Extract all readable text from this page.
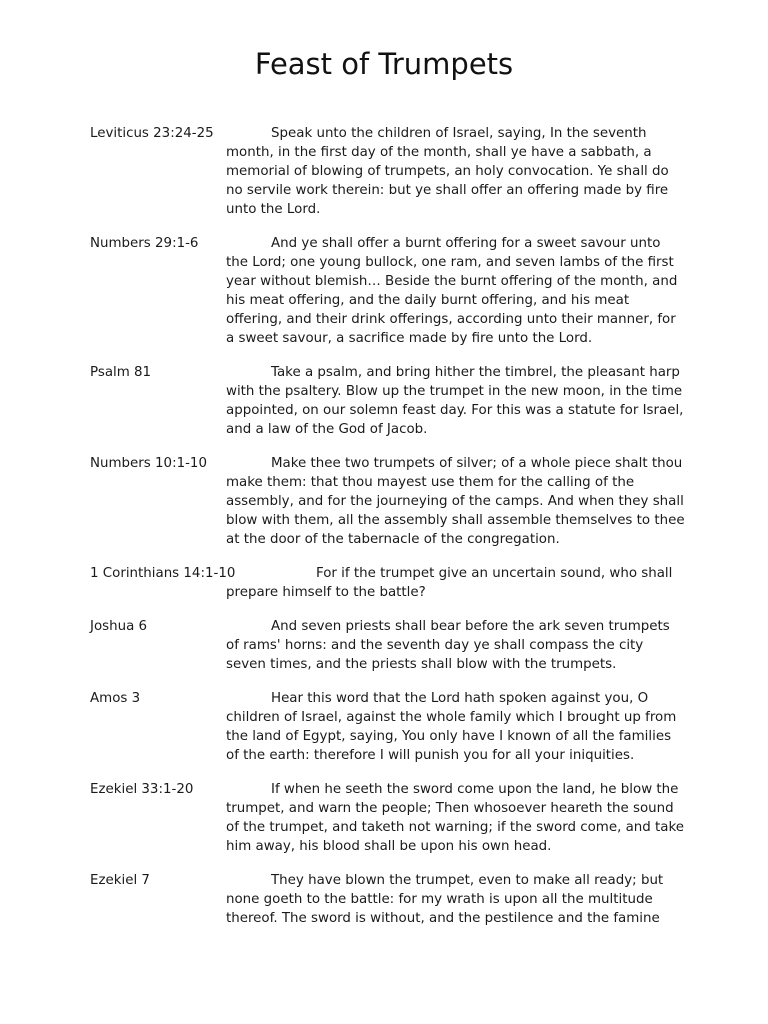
Feast of Trumpets
Leviticus 23:24-25	Speak unto the children of Israel, saying, In the seventh month, in the first day of the month, shall ye have a sabbath, a memorial of blowing of trumpets, an holy convocation. Ye shall do no servile work therein: but ye shall offer an offering made by fire unto the Lord.
Numbers 29:1-6	And ye shall offer a burnt offering for a sweet savour unto the Lord; one young bullock, one ram, and seven lambs of the first year without blemish… Beside the burnt offering of the month, and his meat offering, and the daily burnt offering, and his meat offering, and their drink offerings, according unto their manner, for a sweet savour, a sacrifice made by fire unto the Lord.
Psalm 81	Take a psalm, and bring hither the timbrel, the pleasant harp with the psaltery. Blow up the trumpet in the new moon, in the time appointed, on our solemn feast day. For this was a statute for Israel, and a law of the God of Jacob.
Numbers 10:1-10	Make thee two trumpets of silver; of a whole piece shalt thou make them: that thou mayest use them for the calling of the assembly, and for the journeying of the camps. And when they shall blow with them, all the assembly shall assemble themselves to thee at the door of the tabernacle of the congregation.
1 Corinthians 14:1-10	For if the trumpet give an uncertain sound, who shall prepare himself to the battle?
Joshua 6	And seven priests shall bear before the ark seven trumpets of rams' horns: and the seventh day ye shall compass the city seven times, and the priests shall blow with the trumpets.
Amos 3	Hear this word that the Lord hath spoken against you, O children of Israel, against the whole family which I brought up from the land of Egypt, saying, You only have I known of all the families of the earth: therefore I will punish you for all your iniquities.
Ezekiel 33:1-20	If when he seeth the sword come upon the land, he blow the trumpet, and warn the people; Then whosoever heareth the sound of the trumpet, and taketh not warning; if the sword come, and take him away, his blood shall be upon his own head.
Ezekiel 7	They have blown the trumpet, even to make all ready; but none goeth to the battle: for my wrath is upon all the multitude thereof. The sword is without, and the pestilence and the famine
